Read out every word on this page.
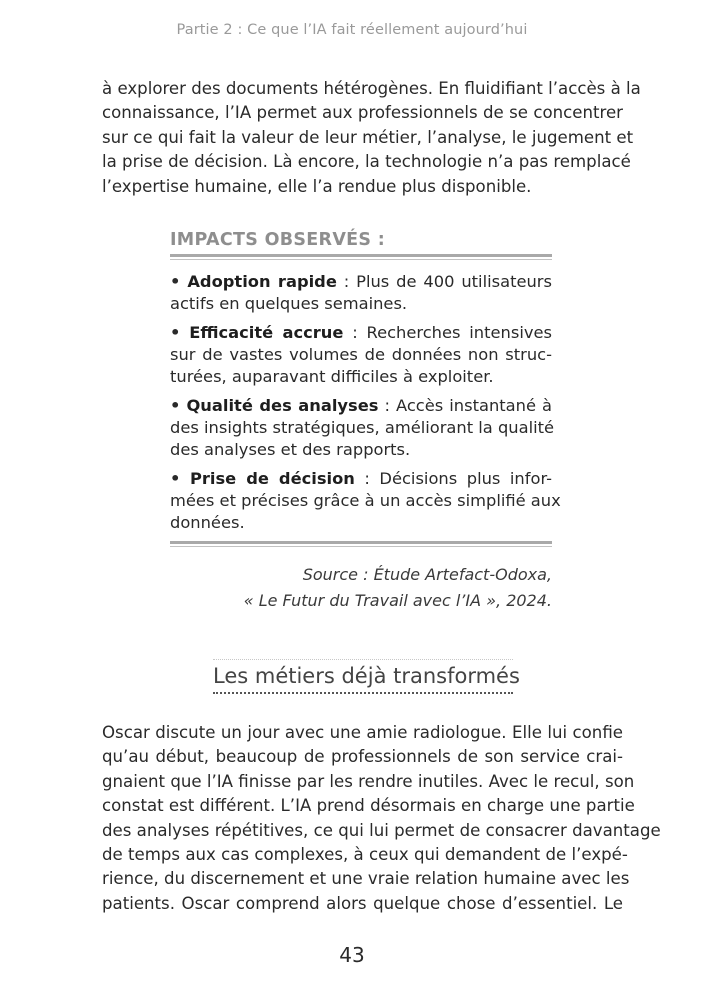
Partie 2 : Ce que l’IA fait réellement aujourd’hui

à explorer des documents hétérogènes. En fluidifiant l’accès à la
connaissance, l’IA permet aux professionnels de se concentrer
sur ce qui fait la valeur de leur métier, l’analyse, le jugement et
la prise de décision. Là encore, la technologie n’a pas remplacé
l’expertise humaine, elle l’a rendue plus disponible.

IMPACTS OBSERVÉS :
• Adoption rapide : Plus de 400 utilisateurs
actifs en quelques semaines.
• Efficacité accrue : Recherches intensives
sur de vastes volumes de données non struc-
turées, auparavant difficiles à exploiter.
• Qualité des analyses : Accès instantané à
des insights stratégiques, améliorant la qualité
des analyses et des rapports.
• Prise de décision : Décisions plus infor-
mées et précises grâce à un accès simplifié aux
données.
Source : Étude Artefact-Odoxa,
« Le Futur du Travail avec l’IA », 2024.
Les métiers déjà transformés

Oscar discute un jour avec une amie radiologue. Elle lui confie
qu’au début, beaucoup de professionnels de son service crai-
gnaient que l’IA finisse par les rendre inutiles. Avec le recul, son
constat est différent. L’IA prend désormais en charge une partie
des analyses répétitives, ce qui lui permet de consacrer davantage
de temps aux cas complexes, à ceux qui demandent de l’expé-
rience, du discernement et une vraie relation humaine avec les
patients. Oscar comprend alors quelque chose d’essentiel. Le

43
